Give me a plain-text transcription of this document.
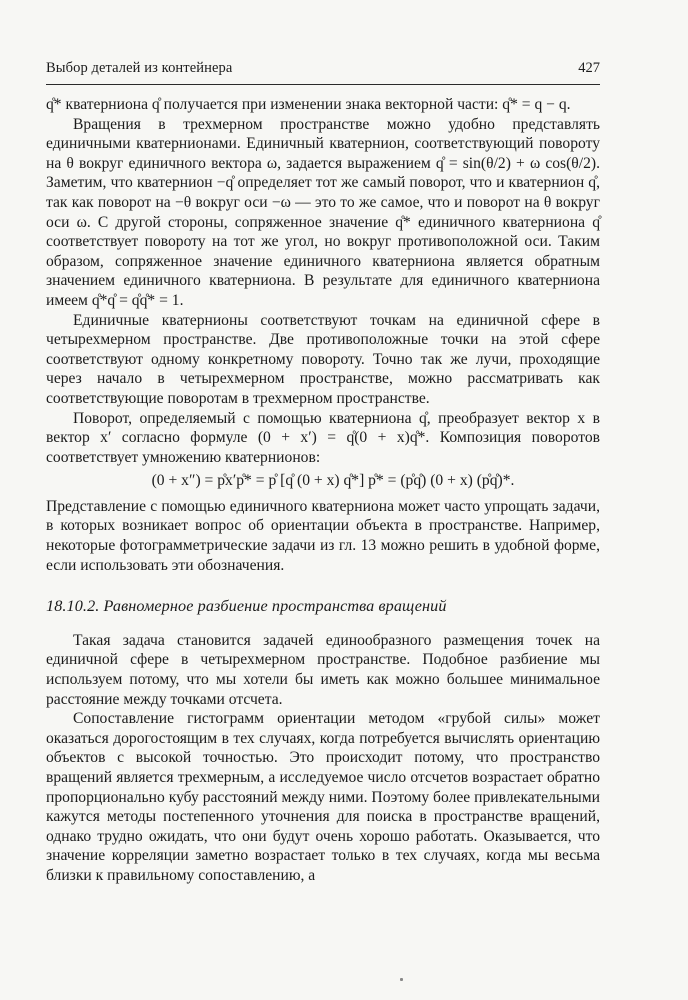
Выбор деталей из контейнера	427

q̊* кватерниона q̊ получается при изменении знака векторной части: q̊* = q − q.

Вращения в трехмерном пространстве можно удобно представлять единичными кватернионами. Единичный кватернион, соответствующий повороту на θ вокруг единичного вектора ω, задается выражением q̊ = sin(θ/2) + ω cos(θ/2). Заметим, что кватернион −q̊ определяет тот же самый поворот, что и кватернион q̊, так как поворот на −θ вокруг оси −ω — это то же самое, что и поворот на θ вокруг оси ω. С другой стороны, сопряженное значение q̊* единичного кватерниона q̊ соответствует повороту на тот же угол, но вокруг противоположной оси. Таким образом, сопряженное значение единичного кватерниона является обратным значением единичного кватерниона. В результате для единичного кватерниона имеем q̊*q̊ = q̊q̊* = 1.

Единичные кватернионы соответствуют точкам на единичной сфере в четырехмерном пространстве. Две противоположные точки на этой сфере соответствуют одному конкретному повороту. Точно так же лучи, проходящие через начало в четырехмерном пространстве, можно рассматривать как соответствующие поворотам в трехмерном пространстве.

Поворот, определяемый с помощью кватерниона q̊, преобразует вектор x в вектор x′ согласно формуле (0 + x′) = q̊(0 + x)q̊*. Композиция поворотов соответствует умножению кватернионов:

(0 + x″) = p̊x′p̊* = p̊ [q̊ (0 + x) q̊*] p̊* = (p̊q̊) (0 + x) (p̊q̊)*.

Представление с помощью единичного кватерниона может часто упрощать задачи, в которых возникает вопрос об ориентации объекта в пространстве. Например, некоторые фотограмметрические задачи из гл. 13 можно решить в удобной форме, если использовать эти обозначения.

18.10.2. Равномерное разбиение пространства вращений

Такая задача становится задачей единообразного размещения точек на единичной сфере в четырехмерном пространстве. Подобное разбиение мы используем потому, что мы хотели бы иметь как можно большее минимальное расстояние между точками отсчета.

Сопоставление гистограмм ориентации методом «грубой силы» может оказаться дорогостоящим в тех случаях, когда потребуется вычислять ориентацию объектов с высокой точностью. Это происходит потому, что пространство вращений является трехмерным, а исследуемое число отсчетов возрастает обратно пропорционально кубу расстояний между ними. Поэтому более привлекательными кажутся методы постепенного уточнения для поиска в пространстве вращений, однако трудно ожидать, что они будут очень хорошо работать. Оказывается, что значение корреляции заметно возрастает только в тех случаях, когда мы весьма близки к правильному сопоставлению, а
